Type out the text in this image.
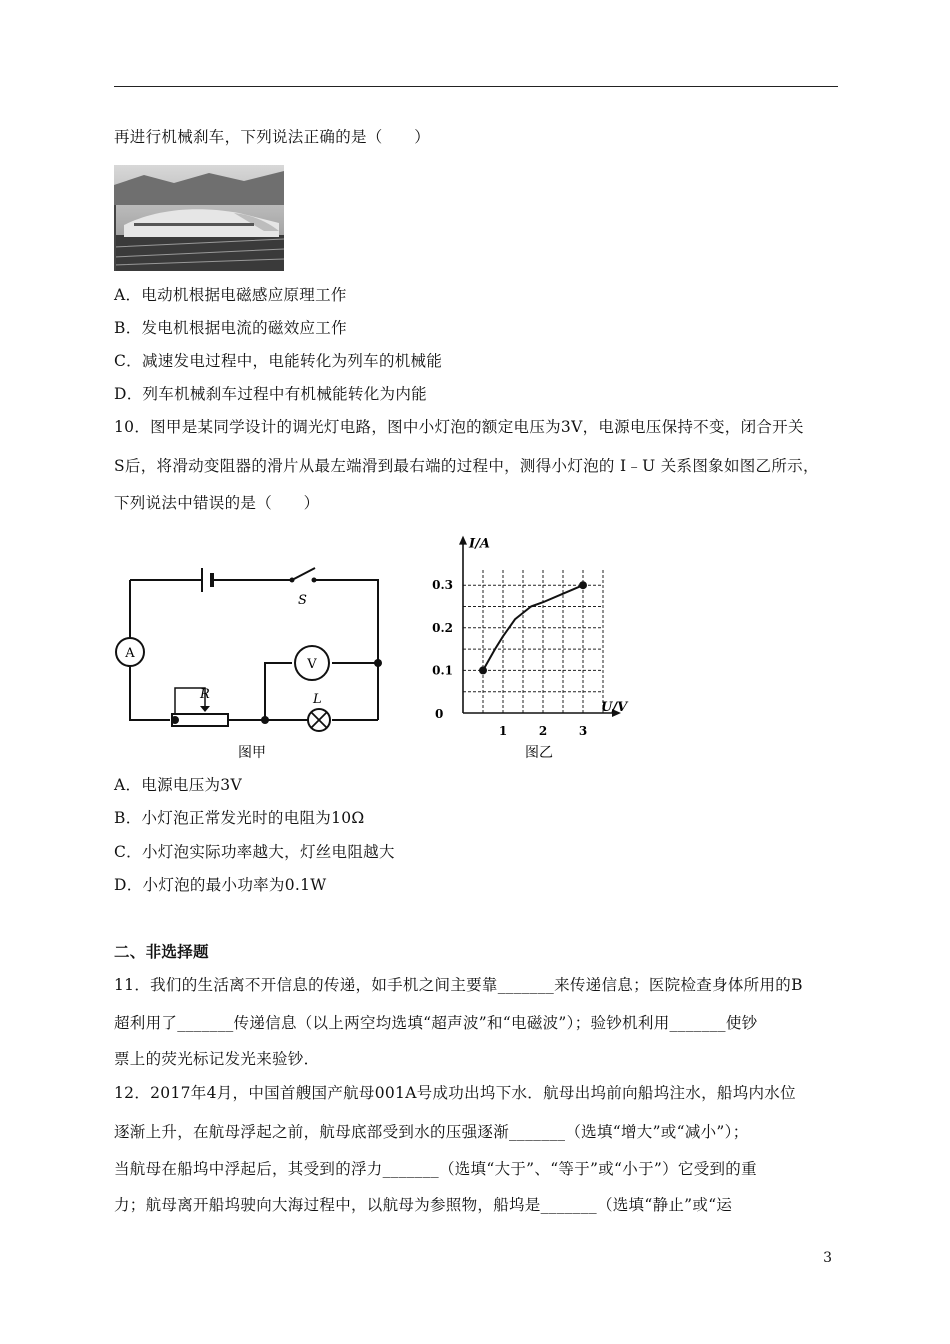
再进行机械刹车，下列说法正确的是（　　）
A．电动机根据电磁感应原理工作
B．发电机根据电流的磁效应工作
C．减速发电过程中，电能转化为列车的机械能
D．列车机械刹车过程中有机械能转化为内能
10．图甲是某同学设计的调光灯电路，图中小灯泡的额定电压为3V，电源电压保持不变，闭合开关
S后，将滑动变阻器的滑片从最左端滑到最右端的过程中，测得小灯泡的 I﹣U 关系图象如图乙所示，
下列说法中错误的是（　　）
S
A
V
R	L
图甲
1	2	3
0.1
0.2
0.3
0	U/V
I/A
图乙
A．电源电压为3V
B．小灯泡正常发光时的电阻为10Ω
C．小灯泡实际功率越大，灯丝电阻越大
D．小灯泡的最小功率为0.1W
二、非选择题
11．我们的生活离不开信息的传递，如手机之间主要靠_______来传递信息；医院检查身体所用的B
超利用了_______传递信息（以上两空均选填“超声波”和“电磁波”）；验钞机利用_______使钞
票上的荧光标记发光来验钞．
12．2017年4月，中国首艘国产航母001A号成功出坞下水．航母出坞前向船坞注水，船坞内水位
逐渐上升，在航母浮起之前，航母底部受到水的压强逐渐_______（选填“增大”或“减小”）；
当航母在船坞中浮起后，其受到的浮力_______（选填“大于”、“等于”或“小于”）它受到的重
力；航母离开船坞驶向大海过程中，以航母为参照物，船坞是_______（选填“静止”或“运
3
